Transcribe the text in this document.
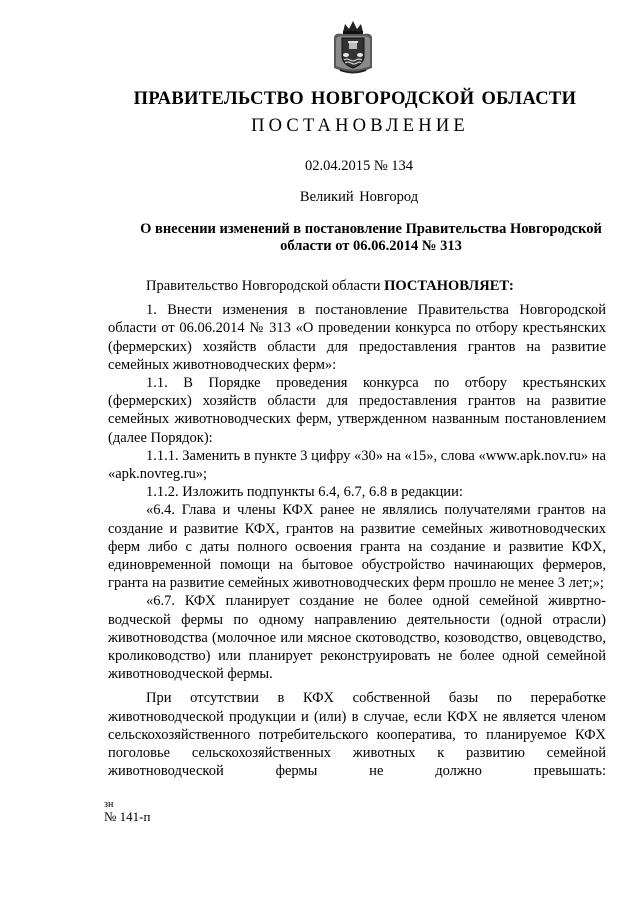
ПРАВИТЕЛЬСТВО НОВГОРОДСКОЙ ОБЛАСТИ
ПОСТАНОВЛЕНИЕ
02.04.2015 № 134
Великий Новгород
О внесении изменений в постановление Правительства Новгородской области от 06.06.2014 № 313

Правительство Новгородской области ПОСТАНОВЛЯЕТ:

1. Внести изменения в постановление Правительства Новгородской области от 06.06.2014 № 313 «О проведении конкурса по отбору крестьянских (фермерских) хозяйств области для предоставления грантов на развитие семейных животноводческих ферм»:

1.1. В Порядке проведения конкурса по отбору крестьянских (фермерских) хозяйств области для предоставления грантов на развитие семейных животноводческих ферм, утвержденном названным постановлением (далее Порядок):

1.1.1. Заменить в пункте 3 цифру «30» на «15», слова «www.apk.nov.ru» на «apk.novreg.ru»;

1.1.2. Изложить подпункты 6.4, 6.7, 6.8 в редакции:

«6.4. Глава и члены КФХ ранее не являлись получателями грантов на создание и развитие КФХ, грантов на развитие семейных животноводческих ферм либо с даты полного освоения гранта на создание и развитие КФХ, единовременной помощи на бытовое обустройство начинающих фермеров, гранта на развитие семейных животноводческих ферм прошло не менее 3 лет;»;

«6.7. КФХ планирует создание не более одной семейной живртно-водческой фермы по одному направлению деятельности (одной отрасли) животноводства (молочное или мясное скотоводство, козоводство, овцеводство, кролиководство) или планирует реконструировать не более одной семейной животноводческой фермы.

При отсутствии в КФХ собственной базы по переработке животноводческой продукции и (или) в случае, если КФХ не является членом сельскохозяйственного потребительского кооператива, то планируемое КФХ поголовье сельскохозяйственных животных к развитию семейной животноводческой фермы не должно превышать:

зн
№ 141-п
